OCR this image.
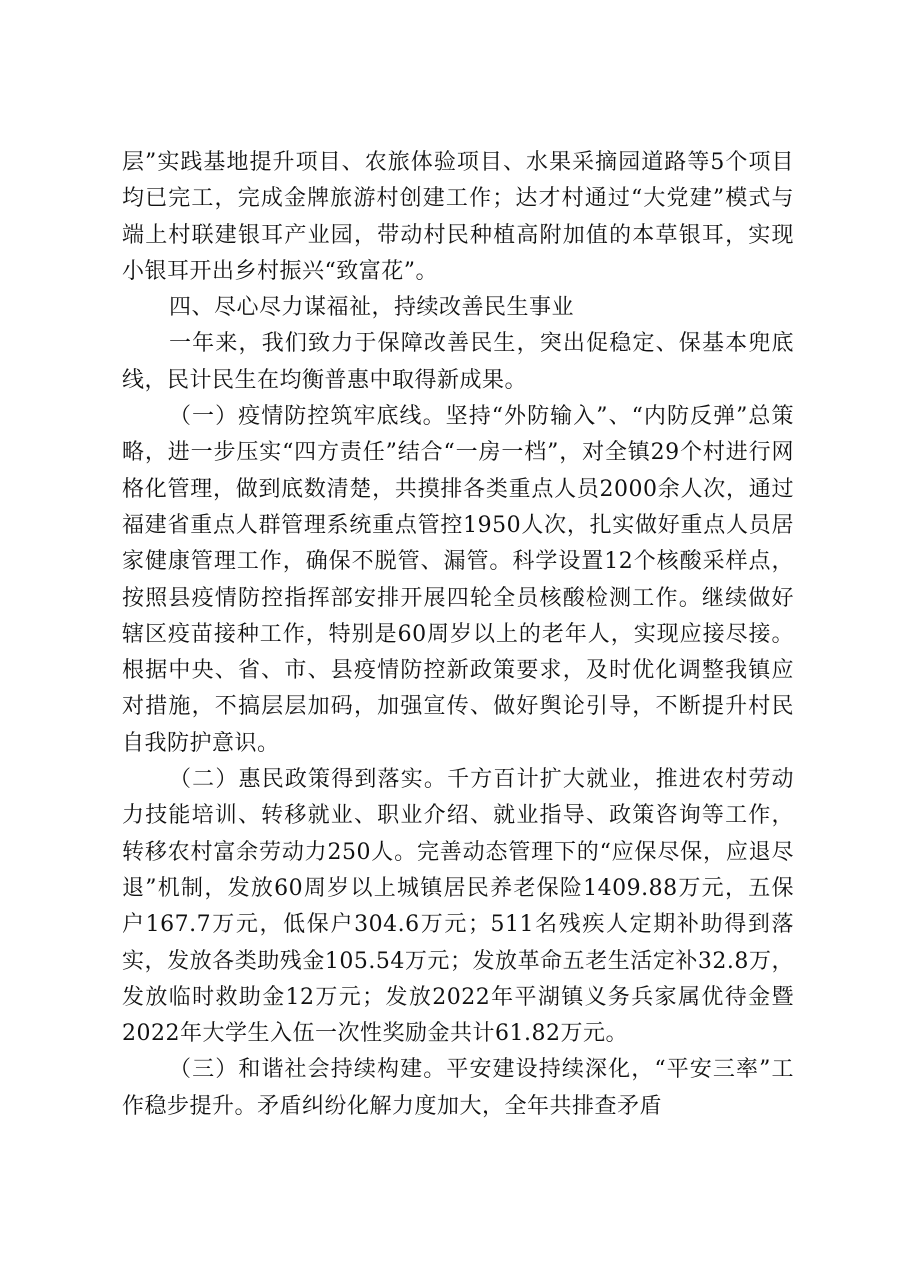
层”实践基地提升项目、农旅体验项目、水果采摘园道路等5个项目均已完工，完成金牌旅游村创建工作；达才村通过“大党建”模式与端上村联建银耳产业园，带动村民种植高附加值的本草银耳，实现小银耳开出乡村振兴“致富花”。

四、尽心尽力谋福祉，持续改善民生事业

一年来，我们致力于保障改善民生，突出促稳定、保基本兜底线，民计民生在均衡普惠中取得新成果。

（一）疫情防控筑牢底线。坚持“外防输入”、“内防反弹”总策略，进一步压实“四方责任”结合“一房一档”，对全镇29个村进行网格化管理，做到底数清楚，共摸排各类重点人员2000余人次，通过福建省重点人群管理系统重点管控1950人次，扎实做好重点人员居家健康管理工作，确保不脱管、漏管。科学设置12个核酸采样点，按照县疫情防控指挥部安排开展四轮全员核酸检测工作。继续做好辖区疫苗接种工作，特别是60周岁以上的老年人，实现应接尽接。根据中央、省、市、县疫情防控新政策要求，及时优化调整我镇应对措施，不搞层层加码，加强宣传、做好舆论引导，不断提升村民自我防护意识。

（二）惠民政策得到落实。千方百计扩大就业，推进农村劳动力技能培训、转移就业、职业介绍、就业指导、政策咨询等工作，转移农村富余劳动力250人。完善动态管理下的“应保尽保，应退尽退”机制，发放60周岁以上城镇居民养老保险1409.88万元，五保户167.7万元，低保户304.6万元；511名残疾人定期补助得到落实，发放各类助残金105.54万元；发放革命五老生活定补32.8万，发放临时救助金12万元；发放2022年平湖镇义务兵家属优待金暨2022年大学生入伍一次性奖励金共计61.82万元。

（三）和谐社会持续构建。平安建设持续深化，“平安三率”工作稳步提升。矛盾纠纷化解力度加大，全年共排查矛盾
